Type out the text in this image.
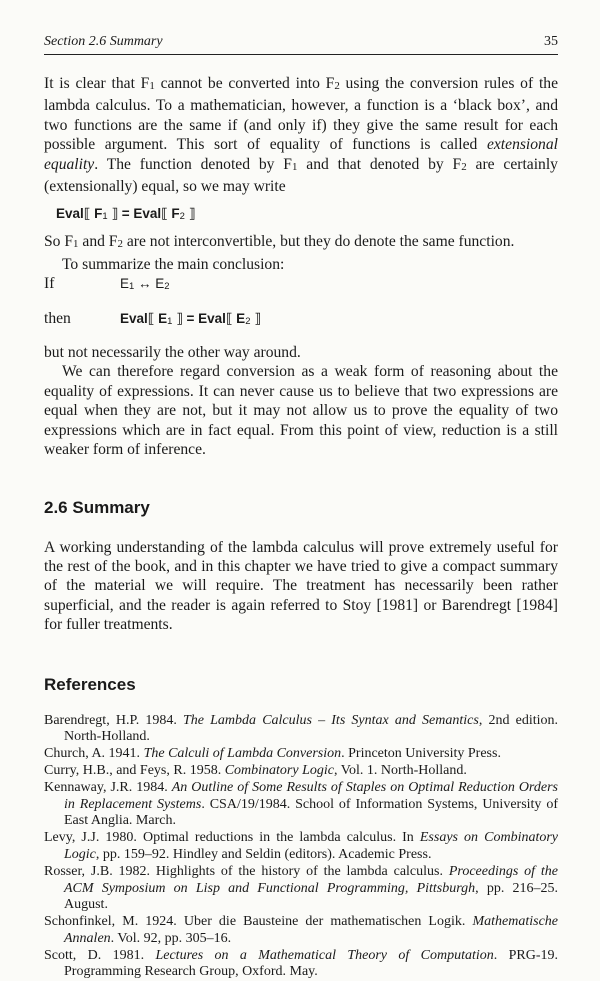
Section 2.6 Summary	35

It is clear that $F_1$ cannot be converted into $F_2$ using the conversion rules of the lambda calculus. To a mathematician, however, a function is a ‘black box’, and two functions are the same if (and only if) they give the same result for each possible argument. This sort of equality of functions is called extensional equality. The function denoted by $F_1$ and that denoted by $F_2$ are certainly (extensionally) equal, so we may write

Eval⟦ $F_1$ ⟧ = Eval⟦ $F_2$ ⟧

So $F_1$ and $F_2$ are not interconvertible, but they do denote the same function.

To summarize the main conclusion:

If	$E_1$ ↔ $E_2$
then	Eval⟦ $E_1$ ⟧ = Eval⟦ $E_2$ ⟧

but not necessarily the other way around.

We can therefore regard conversion as a weak form of reasoning about the equality of expressions. It can never cause us to believe that two expressions are equal when they are not, but it may not allow us to prove the equality of two expressions which are in fact equal. From this point of view, reduction is a still weaker form of inference.

2.6 Summary

A working understanding of the lambda calculus will prove extremely useful for the rest of the book, and in this chapter we have tried to give a compact summary of the material we will require. The treatment has necessarily been rather superficial, and the reader is again referred to Stoy [1981] or Barendregt [1984] for fuller treatments.

References
Barendregt, H.P. 1984. The Lambda Calculus – Its Syntax and Semantics, 2nd edition. North-Holland.
Church, A. 1941. The Calculi of Lambda Conversion. Princeton University Press.
Curry, H.B., and Feys, R. 1958. Combinatory Logic, Vol. 1. North-Holland.
Kennaway, J.R. 1984. An Outline of Some Results of Staples on Optimal Reduction Orders in Replacement Systems. CSA/19/1984. School of Information Systems, University of East Anglia. March.
Levy, J.J. 1980. Optimal reductions in the lambda calculus. In Essays on Combinatory Logic, pp. 159–92. Hindley and Seldin (editors). Academic Press.
Rosser, J.B. 1982. Highlights of the history of the lambda calculus. Proceedings of the ACM Symposium on Lisp and Functional Programming, Pittsburgh, pp. 216–25. August.
Schonfinkel, M. 1924. Uber die Bausteine der mathematischen Logik. Mathematische Annalen. Vol. 92, pp. 305–16.
Scott, D. 1981. Lectures on a Mathematical Theory of Computation. PRG-19. Programming Research Group, Oxford. May.
